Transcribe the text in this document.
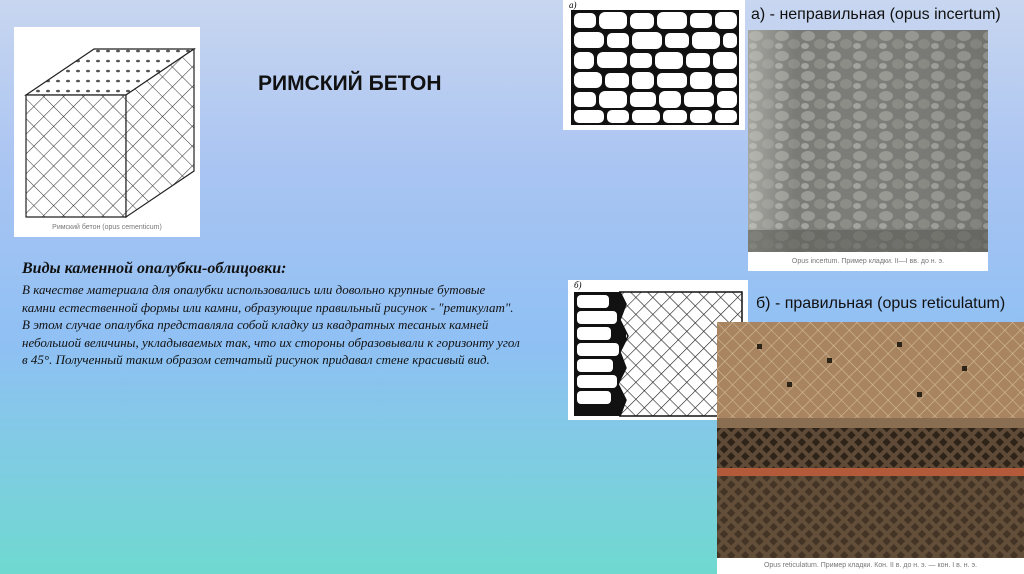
РИМСКИЙ БЕТОН
Римский бетон (opus cementicum)
Виды каменной опалубки-облицовки:
В качестве материала для опалубки использовались или довольно крупные бутовые камни естественной формы или камни, образующие правильный рисунок - "ретикулат". В этом случае опалубка представляла собой кладку из квадратных тесаных камней небольшой величины, укладываемых так, что их стороны образовывали к горизонту угол в 45°. Полученный таким образом сетчатый рисунок придавал стене красивый вид.
а)
а) - неправильная (opus incertum)
Opus incertum. Пример кладки. II—I вв. до н. э.
б)
б) - правильная (opus reticulatum)
Opus reticulatum. Пример кладки. Кон. II в. до н. э. — кон. I в. н. э.
